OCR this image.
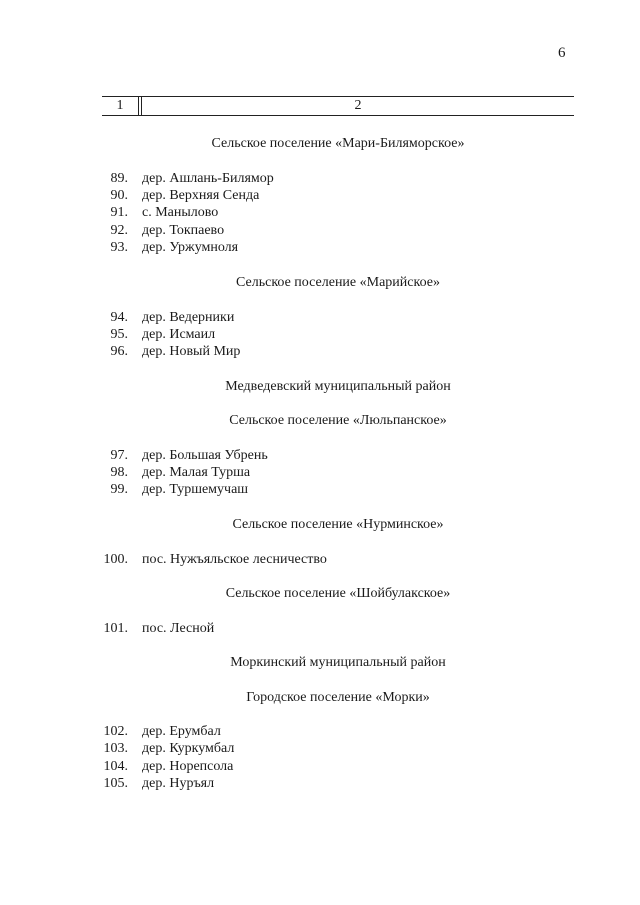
6
1	2
Сельское поселение «Мари-Биляморское»
89. дер. Ашлань-Билямор
90. дер. Верхняя Сенда
91. с. Манылово
92. дер. Токпаево
93. дер. Уржумноля
Сельское поселение «Марийское»
94. дер. Ведерники
95. дер. Исмаил
96. дер. Новый Мир
Медведевский муниципальный район
Сельское поселение «Люльпанское»
97. дер. Большая Убрень
98. дер. Малая Турша
99. дер. Туршемучаш
Сельское поселение «Нурминское»
100. пос. Нужъяльское лесничество
Сельское поселение «Шойбулакское»
101. пос. Лесной
Моркинский муниципальный район
Городское поселение «Морки»
102. дер. Ерумбал
103. дер. Куркумбал
104. дер. Норепсола
105. дер. Нуръял
